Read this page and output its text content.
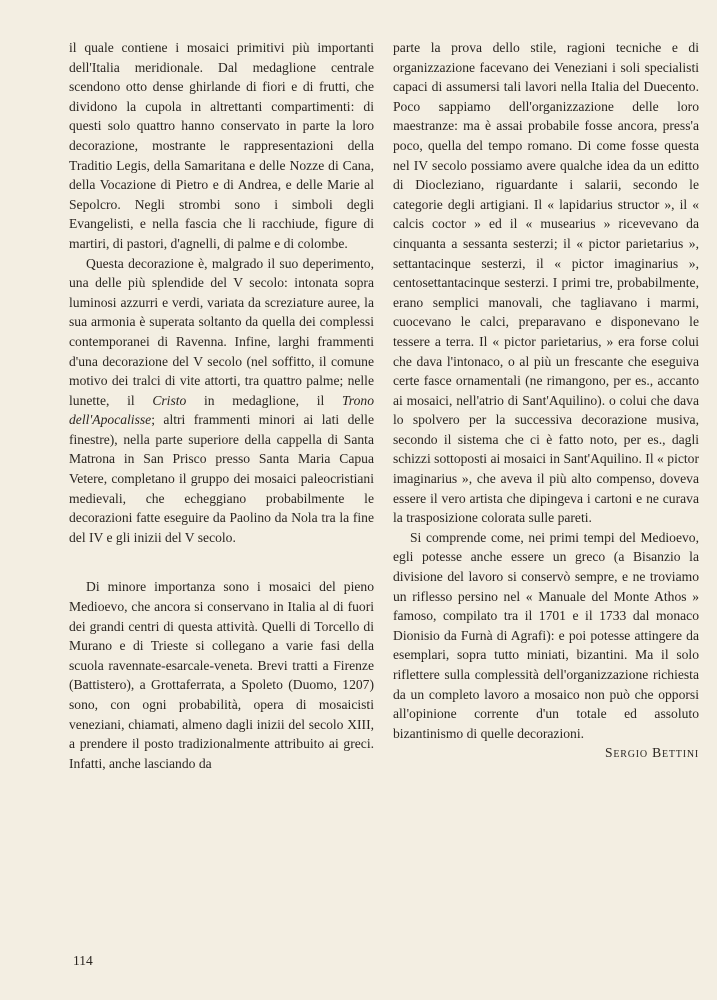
il quale contiene i mosaici primitivi più importanti dell'Italia meridionale. Dal medaglione centrale scendono otto dense ghirlande di fiori e di frutti, che dividono la cupola in altrettanti compartimenti: di questi solo quattro hanno conservato in parte la loro decorazione, mostrante le rappresentazioni della Traditio Legis, della Samaritana e delle Nozze di Cana, della Vocazione di Pietro e di Andrea, e delle Marie al Sepolcro. Negli strombi sono i simboli degli Evangelisti, e nella fascia che li racchiude, figure di martiri, di pastori, d'agnelli, di palme e di colombe.

Questa decorazione è, malgrado il suo deperimento, una delle più splendide del V secolo: intonata sopra luminosi azzurri e verdi, variata da screziature auree, la sua armonia è superata soltanto da quella dei complessi contemporanei di Ravenna. Infine, larghi frammenti d'una decorazione del V secolo (nel soffitto, il comune motivo dei tralci di vite attorti, tra quattro palme; nelle lunette, il Cristo in medaglione, il Trono dell'Apocalisse; altri frammenti minori ai lati delle finestre), nella parte superiore della cappella di Santa Matrona in San Prisco presso Santa Maria Capua Vetere, completano il gruppo dei mosaici paleocristiani medievali, che echeggiano probabilmente le decorazioni fatte eseguire da Paolino da Nola tra la fine del IV e gli inizii del V secolo.

Di minore importanza sono i mosaici del pieno Medioevo, che ancora si conservano in Italia al di fuori dei grandi centri di questa attività. Quelli di Torcello di Murano e di Trieste si collegano a varie fasi della scuola ravennate-esarcale-veneta. Brevi tratti a Firenze (Battistero), a Grottaferrata, a Spoleto (Duomo, 1207) sono, con ogni probabilità, opera di mosaicisti veneziani, chiamati, almeno dagli inizii del secolo XIII, a prendere il posto tradizionalmente attribuito ai greci. Infatti, anche lasciando da

parte la prova dello stile, ragioni tecniche e di organizzazione facevano dei Veneziani i soli specialisti capaci di assumersi tali lavori nella Italia del Duecento. Poco sappiamo dell'organizzazione delle loro maestranze: ma è assai probabile fosse ancora, press'a poco, quella del tempo romano. Di come fosse questa nel IV secolo possiamo avere qualche idea da un editto di Diocleziano, riguardante i salarii, secondo le categorie degli artigiani. Il « lapidarius structor », il « calcis coctor » ed il « musearius » ricevevano da cinquanta a sessanta sesterzi; il « pictor parietarius », settantacinque sesterzi, il « pictor imaginarius », centosettantacinque sesterzi. I primi tre, probabilmente, erano semplici manovali, che tagliavano i marmi, cuocevano le calci, preparavano e disponevano le tessere a terra. Il « pictor parietarius, » era forse colui che dava l'intonaco, o al più un frescante che eseguiva certe fasce ornamentali (ne rimangono, per es., accanto ai mosaici, nell'atrio di Sant'Aquilino). o colui che dava lo spolvero per la successiva decorazione musiva, secondo il sistema che ci è fatto noto, per es., dagli schizzi sottoposti ai mosaici in Sant'Aquilino. Il « pictor imaginarius », che aveva il più alto compenso, doveva essere il vero artista che dipingeva i cartoni e ne curava la trasposizione colorata sulle pareti.

Si comprende come, nei primi tempi del Medioevo, egli potesse anche essere un greco (a Bisanzio la divisione del lavoro si conservò sempre, e ne troviamo un riflesso persino nel « Manuale del Monte Athos » famoso, compilato tra il 1701 e il 1733 dal monaco Dionisio da Furnà di Agrafi): e poi potesse attingere da esemplari, sopra tutto miniati, bizantini. Ma il solo riflettere sulla complessità dell'organizzazione richiesta da un completo lavoro a mosaico non può che opporsi all'opinione corrente d'un totale ed assoluto bizantinismo di quelle decorazioni.

Sergio Bettini

114
